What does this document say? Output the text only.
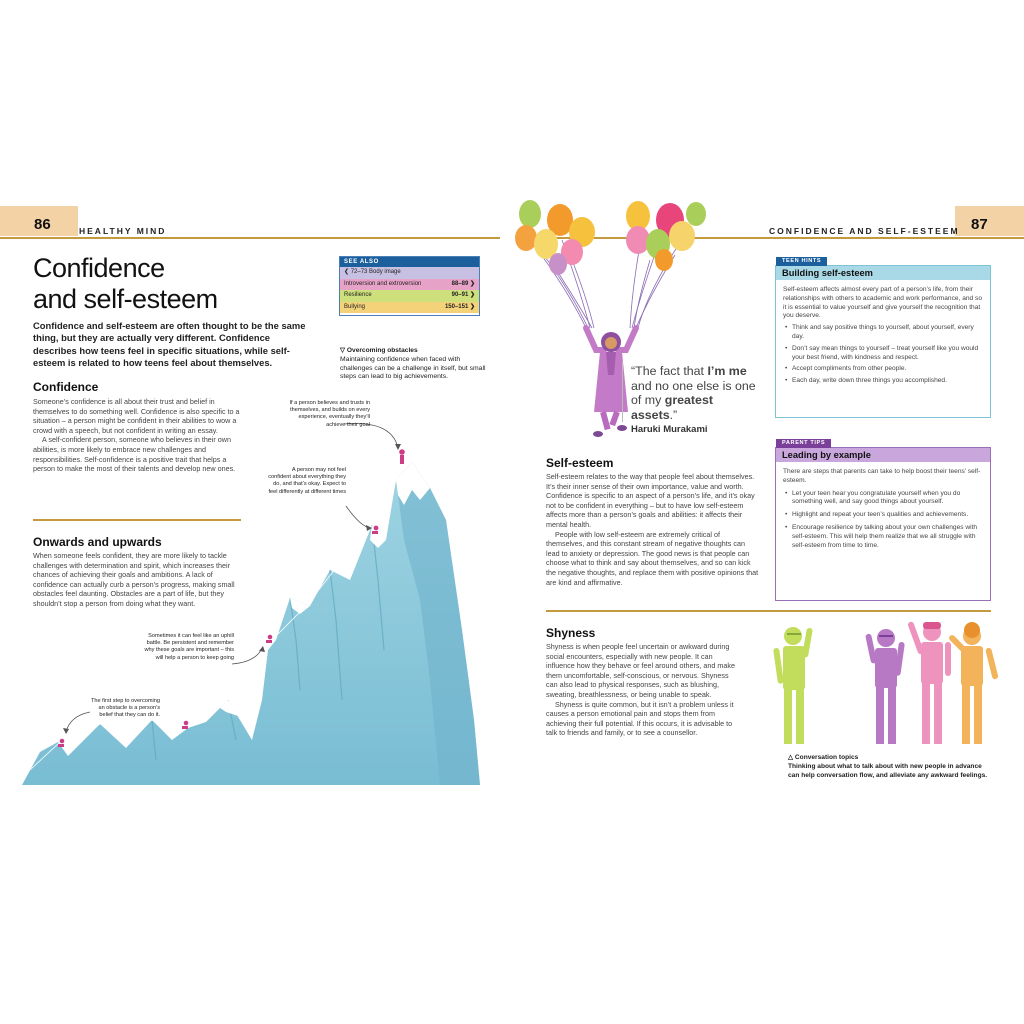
86	HEALTHY MIND
Confidence
and self-esteem
Confidence and self-esteem are often thought to be the same thing, but they are actually very different. Confidence describes how teens feel in specific situations, while self-esteem is related to how teens feel about themselves.
SEE ALSO
❮ 72–73 Body image
Introversion and extroversion	88–89 ❯
Resilience	90–91 ❯
Bullying	150–151 ❯
▽ Overcoming obstacles
Maintaining confidence when faced with challenges can be a challenge in itself, but small steps can lead to big achievements.
Confidence

Someone’s confidence is all about their trust and belief in themselves to do something well. Confidence is also specific to a situation – a person might be confident in their abilities to wow a crowd with a speech, but not confident in writing an essay.

A self-confident person, someone who believes in their own abilities, is more likely to embrace new challenges and responsibilities. Self-confidence is a positive trait that helps a person to make the most of their talents and develop new ones.

Onwards and upwards

When someone feels confident, they are more likely to tackle challenges with determination and spirit, which increases their chances of achieving their goals and ambitions. A lack of confidence can actually curb a person’s progress, making small obstacles feel daunting. Obstacles are a part of life, but they shouldn’t stop a person from doing what they want.

If a person believes and trusts in themselves, and builds on every experience, eventually they’ll achieve their goal
A person may not feel confident about everything they do, and that’s okay. Expect to feel differently at different times
Sometimes it can feel like an uphill battle. Be persistent and remember why these goals are important – this will help a person to keep going
The first step to overcoming an obstacle is a person’s belief that they can do it.
87
CONFIDENCE AND SELF-ESTEEM
“The fact that I’m me and no one else is one of my greatest assets.”
Haruki Murakami
Self-esteem

Self-esteem relates to the way that people feel about themselves. It’s their inner sense of their own importance, value and worth. Confidence is specific to an aspect of a person’s life, and it’s okay not to be confident in everything – but to have low self-esteem affects more than a person’s goals and abilities: it affects their mental health.

People with low self-esteem are extremely critical of themselves, and this constant stream of negative thoughts can lead to anxiety or depression. The good news is that people can choose what to think and say about themselves, and so can kick the negative thoughts, and replace them with positive opinions that are kind and affirmative.

Shyness

Shyness is when people feel uncertain or awkward during social encounters, especially with new people. It can influence how they behave or feel around others, and make them uncomfortable, self-conscious, or nervous. Shyness can also lead to physical responses, such as blushing, sweating, breathlessness, or being unable to speak.

Shyness is quite common, but it isn’t a problem unless it causes a person emotional pain and stops them from achieving their full potential. If this occurs, it is advisable to talk to friends and family, or to see a counsellor.

TEEN HINTS
Building self-esteem

Self-esteem affects almost every part of a person’s life, from their relationships with others to academic and work performance, and so it is essential to value yourself and give yourself the recognition that you deserve.

• Think and say positive things to yourself, about yourself, every day.
• Don’t say mean things to yourself – treat yourself like you would your best friend, with kindness and respect.
• Accept compliments from other people.
• Each day, write down three things you accomplished.
PARENT TIPS
Leading by example

There are steps that parents can take to help boost their teens’ self-esteem.

• Let your teen hear you congratulate yourself when you do something well, and say good things about yourself.
• Highlight and repeat your teen’s qualities and achievements.
• Encourage resilience by talking about your own challenges with self-esteem. This will help them realize that we all struggle with self-esteem from time to time.
△ Conversation topics
Thinking about what to talk about with new people in advance can help conversation flow, and alleviate any awkward feelings.
